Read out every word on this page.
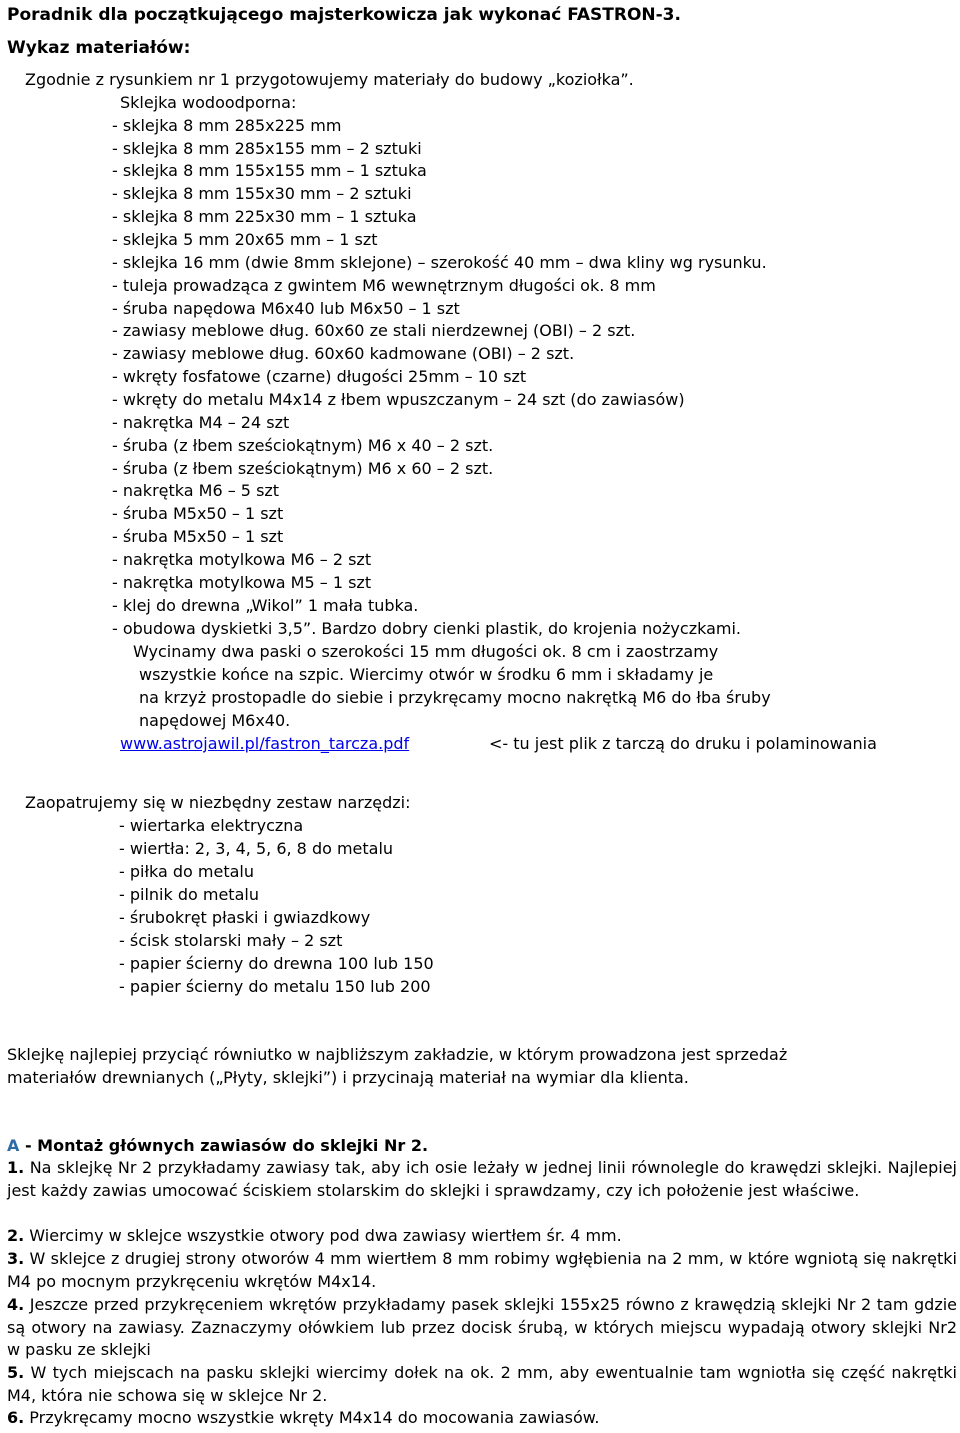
Poradnik dla początkującego majsterkowicza jak wykonać FASTRON-3.
Wykaz materiałów:
Zgodnie z rysunkiem nr 1 przygotowujemy materiały do budowy „koziołka”.
Sklejka wodoodporna:
- sklejka 8 mm 285x225 mm
- sklejka 8 mm 285x155 mm – 2 sztuki
- sklejka 8 mm 155x155 mm – 1 sztuka
- sklejka 8 mm 155x30 mm – 2 sztuki
- sklejka 8 mm 225x30 mm – 1 sztuka
- sklejka 5 mm 20x65 mm – 1 szt
- sklejka 16 mm (dwie 8mm sklejone) – szerokość 40 mm – dwa kliny wg rysunku.
- tuleja prowadząca z gwintem M6 wewnętrznym długości ok. 8 mm
- śruba napędowa M6x40 lub M6x50 – 1 szt
- zawiasy meblowe dług. 60x60 ze stali nierdzewnej (OBI) – 2 szt.
- zawiasy meblowe dług. 60x60 kadmowane (OBI) – 2 szt.
- wkręty fosfatowe (czarne) długości 25mm – 10 szt
- wkręty do metalu M4x14 z łbem wpuszczanym – 24 szt (do zawiasów)
- nakrętka M4 – 24 szt
- śruba (z łbem sześciokątnym) M6 x 40 – 2 szt.
- śruba (z łbem sześciokątnym) M6 x 60 – 2 szt.
- nakrętka M6 – 5 szt
- śruba M5x50 – 1 szt
- śruba M5x50 – 1 szt
- nakrętka motylkowa M6 – 2 szt
- nakrętka motylkowa M5 – 1 szt
- klej do drewna „Wikol” 1 mała tubka.
- obudowa dyskietki 3,5”. Bardzo dobry cienki plastik, do krojenia nożyczkami.
Wycinamy dwa paski o szerokości 15 mm długości ok. 8 cm i zaostrzamy
wszystkie końce na szpic. Wiercimy otwór w środku 6 mm i składamy je
na krzyż prostopadle do siebie i przykręcamy mocno nakrętką M6 do łba śruby
napędowej M6x40.
www.astrojawil.pl/fastron_tarcza.pdf	<- tu jest plik z tarczą do druku i polaminowania
Zaopatrujemy się w niezbędny zestaw narzędzi:
- wiertarka elektryczna
- wiertła: 2, 3, 4, 5, 6, 8 do metalu
- piłka do metalu
- pilnik do metalu
- śrubokręt płaski i gwiazdkowy
- ścisk stolarski mały – 2 szt
- papier ścierny do drewna 100 lub 150
- papier ścierny do metalu 150 lub 200
Sklejkę najlepiej przyciąć równiutko w najbliższym zakładzie, w którym prowadzona jest sprzedaż
materiałów drewnianych („Płyty, sklejki”) i przycinają materiał na wymiar dla klienta.
A - Montaż głównych zawiasów do sklejki Nr 2.
1. Na sklejkę Nr 2 przykładamy zawiasy tak, aby ich osie leżały w jednej linii równolegle do krawędzi sklejki. Najlepiej jest każdy zawias umocować ściskiem stolarskim do sklejki i sprawdzamy, czy ich położenie jest właściwe.
2. Wiercimy w sklejce wszystkie otwory pod dwa zawiasy wiertłem śr. 4 mm.
3. W sklejce z drugiej strony otworów 4 mm wiertłem 8 mm robimy wgłębienia na 2 mm, w które wgniotą się nakrętki M4 po mocnym przykręceniu wkrętów M4x14.
4. Jeszcze przed przykręceniem wkrętów przykładamy pasek sklejki 155x25 równo z krawędzią sklejki Nr 2 tam gdzie są otwory na zawiasy. Zaznaczymy ołówkiem lub przez docisk śrubą, w których miejscu wypadają otwory sklejki Nr2 w pasku ze sklejki
5. W tych miejscach na pasku sklejki wiercimy dołek na ok. 2 mm, aby ewentualnie tam wgniotła się część nakrętki M4, która nie schowa się w sklejce Nr 2.
6. Przykręcamy mocno wszystkie wkręty M4x14 do mocowania zawiasów.
